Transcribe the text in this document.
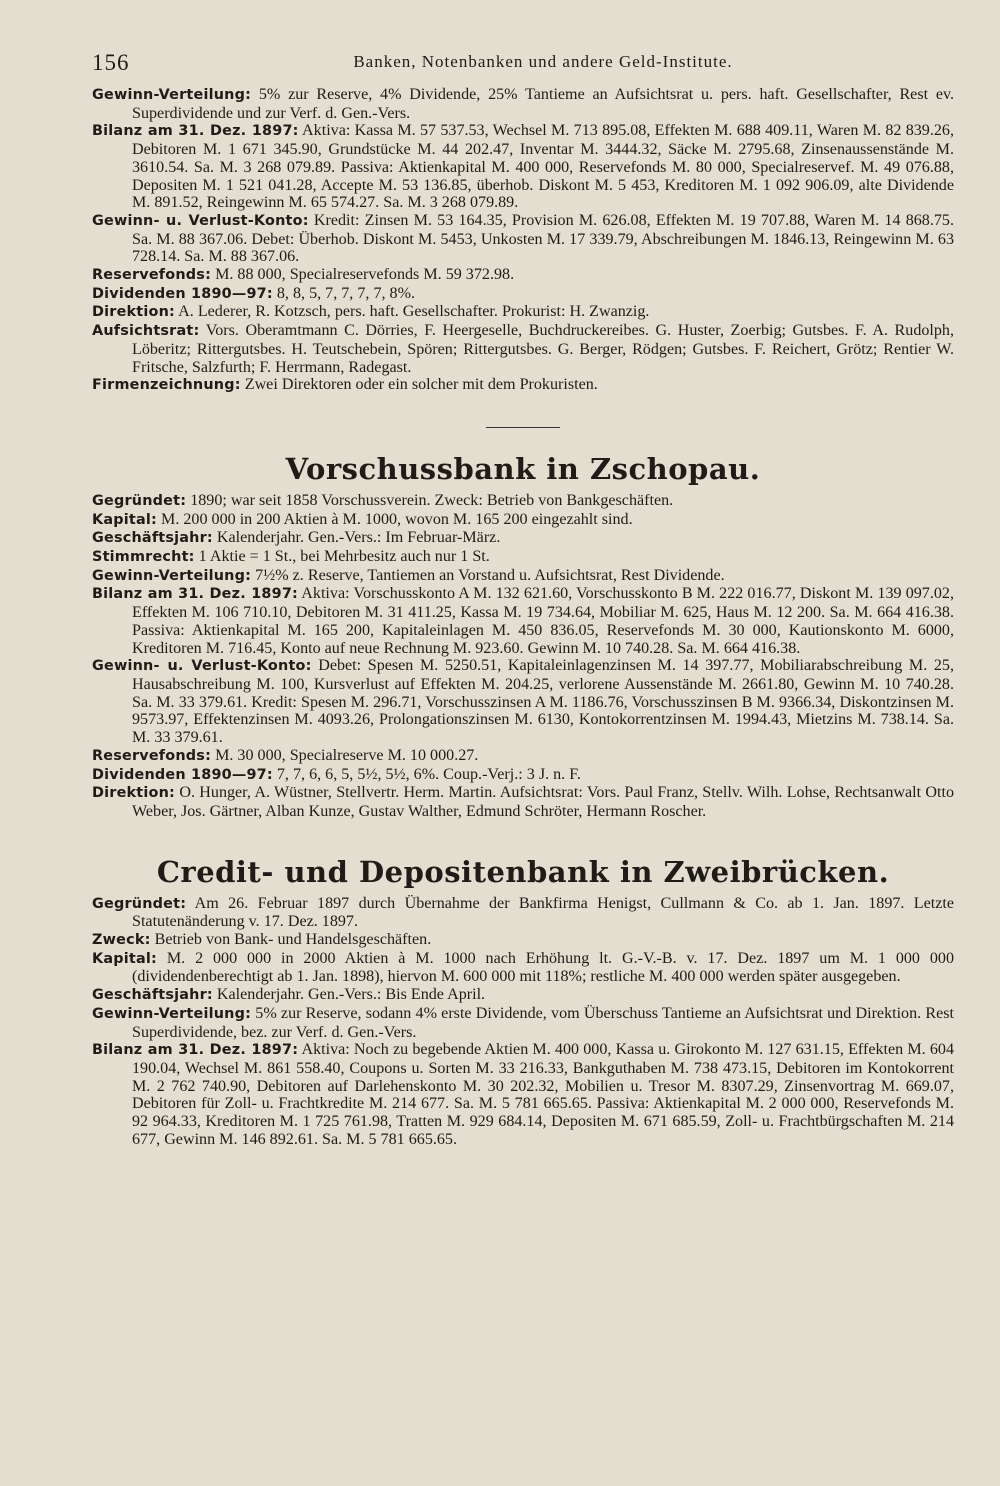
156	Banken, Notenbanken und andere Geld-Institute.

Gewinn-Verteilung: 5% zur Reserve, 4% Dividende, 25% Tantieme an Aufsichtsrat u. pers. haft. Gesellschafter, Rest ev. Superdividende und zur Verf. d. Gen.-Vers.

Bilanz am 31. Dez. 1897: Aktiva: Kassa M. 57 537.53, Wechsel M. 713 895.08, Effekten M. 688 409.11, Waren M. 82 839.26, Debitoren M. 1 671 345.90, Grundstücke M. 44 202.47, Inventar M. 3444.32, Säcke M. 2795.68, Zinsenaussenstände M. 3610.54. Sa. M. 3 268 079.89. Passiva: Aktienkapital M. 400 000, Reservefonds M. 80 000, Specialreservef. M. 49 076.88, Depositen M. 1 521 041.28, Accepte M. 53 136.85, überhob. Diskont M. 5 453, Kreditoren M. 1 092 906.09, alte Dividende M. 891.52, Reingewinn M. 65 574.27. Sa. M. 3 268 079.89.

Gewinn- u. Verlust-Konto: Kredit: Zinsen M. 53 164.35, Provision M. 626.08, Effekten M. 19 707.88, Waren M. 14 868.75. Sa. M. 88 367.06. Debet: Überhob. Diskont M. 5453, Unkosten M. 17 339.79, Abschreibungen M. 1846.13, Reingewinn M. 63 728.14. Sa. M. 88 367.06.

Reservefonds: M. 88 000, Specialreservefonds M. 59 372.98.

Dividenden 1890—97: 8, 8, 5, 7, 7, 7, 7, 8%.

Direktion: A. Lederer, R. Kotzsch, pers. haft. Gesellschafter. Prokurist: H. Zwanzig.

Aufsichtsrat: Vors. Oberamtmann C. Dörries, F. Heergeselle, Buchdruckereibes. G. Huster, Zoerbig; Gutsbes. F. A. Rudolph, Löberitz; Rittergutsbes. H. Teutschebein, Spören; Rittergutsbes. G. Berger, Rödgen; Gutsbes. F. Reichert, Grötz; Rentier W. Fritsche, Salzfurth; F. Herrmann, Radegast.

Firmenzeichnung: Zwei Direktoren oder ein solcher mit dem Prokuristen.

Vorschussbank in Zschopau.

Gegründet: 1890; war seit 1858 Vorschussverein. Zweck: Betrieb von Bankgeschäften.

Kapital: M. 200 000 in 200 Aktien à M. 1000, wovon M. 165 200 eingezahlt sind.

Geschäftsjahr: Kalenderjahr. Gen.-Vers.: Im Februar-März.

Stimmrecht: 1 Aktie = 1 St., bei Mehrbesitz auch nur 1 St.

Gewinn-Verteilung: 7½% z. Reserve, Tantiemen an Vorstand u. Aufsichtsrat, Rest Dividende.

Bilanz am 31. Dez. 1897: Aktiva: Vorschusskonto A M. 132 621.60, Vorschusskonto B M. 222 016.77, Diskont M. 139 097.02, Effekten M. 106 710.10, Debitoren M. 31 411.25, Kassa M. 19 734.64, Mobiliar M. 625, Haus M. 12 200. Sa. M. 664 416.38. Passiva: Aktienkapital M. 165 200, Kapitaleinlagen M. 450 836.05, Reservefonds M. 30 000, Kautionskonto M. 6000, Kreditoren M. 716.45, Konto auf neue Rechnung M. 923.60. Gewinn M. 10 740.28. Sa. M. 664 416.38.

Gewinn- u. Verlust-Konto: Debet: Spesen M. 5250.51, Kapitaleinlagenzinsen M. 14 397.77, Mobiliarabschreibung M. 25, Hausabschreibung M. 100, Kursverlust auf Effekten M. 204.25, verlorene Aussenstände M. 2661.80, Gewinn M. 10 740.28. Sa. M. 33 379.61. Kredit: Spesen M. 296.71, Vorschusszinsen A M. 1186.76, Vorschusszinsen B M. 9366.34, Diskontzinsen M. 9573.97, Effektenzinsen M. 4093.26, Prolongationszinsen M. 6130, Kontokorrentzinsen M. 1994.43, Mietzins M. 738.14. Sa. M. 33 379.61.

Reservefonds: M. 30 000, Specialreserve M. 10 000.27.

Dividenden 1890—97: 7, 7, 6, 6, 5, 5½, 5½, 6%. Coup.-Verj.: 3 J. n. F.

Direktion: O. Hunger, A. Wüstner, Stellvertr. Herm. Martin. Aufsichtsrat: Vors. Paul Franz, Stellv. Wilh. Lohse, Rechtsanwalt Otto Weber, Jos. Gärtner, Alban Kunze, Gustav Walther, Edmund Schröter, Hermann Roscher.

Credit- und Depositenbank in Zweibrücken.

Gegründet: Am 26. Februar 1897 durch Übernahme der Bankfirma Henigst, Cullmann & Co. ab 1. Jan. 1897. Letzte Statutenänderung v. 17. Dez. 1897.

Zweck: Betrieb von Bank- und Handelsgeschäften.

Kapital: M. 2 000 000 in 2000 Aktien à M. 1000 nach Erhöhung lt. G.-V.-B. v. 17. Dez. 1897 um M. 1 000 000 (dividendenberechtigt ab 1. Jan. 1898), hiervon M. 600 000 mit 118%; restliche M. 400 000 werden später ausgegeben.

Geschäftsjahr: Kalenderjahr. Gen.-Vers.: Bis Ende April.

Gewinn-Verteilung: 5% zur Reserve, sodann 4% erste Dividende, vom Überschuss Tantieme an Aufsichtsrat und Direktion. Rest Superdividende, bez. zur Verf. d. Gen.-Vers.

Bilanz am 31. Dez. 1897: Aktiva: Noch zu begebende Aktien M. 400 000, Kassa u. Girokonto M. 127 631.15, Effekten M. 604 190.04, Wechsel M. 861 558.40, Coupons u. Sorten M. 33 216.33, Bankguthaben M. 738 473.15, Debitoren im Kontokorrent M. 2 762 740.90, Debitoren auf Darlehenskonto M. 30 202.32, Mobilien u. Tresor M. 8307.29, Zinsenvortrag M. 669.07, Debitoren für Zoll- u. Frachtkredite M. 214 677. Sa. M. 5 781 665.65. Passiva: Aktienkapital M. 2 000 000, Reservefonds M. 92 964.33, Kreditoren M. 1 725 761.98, Tratten M. 929 684.14, Depositen M. 671 685.59, Zoll- u. Frachtbürgschaften M. 214 677, Gewinn M. 146 892.61. Sa. M. 5 781 665.65.
